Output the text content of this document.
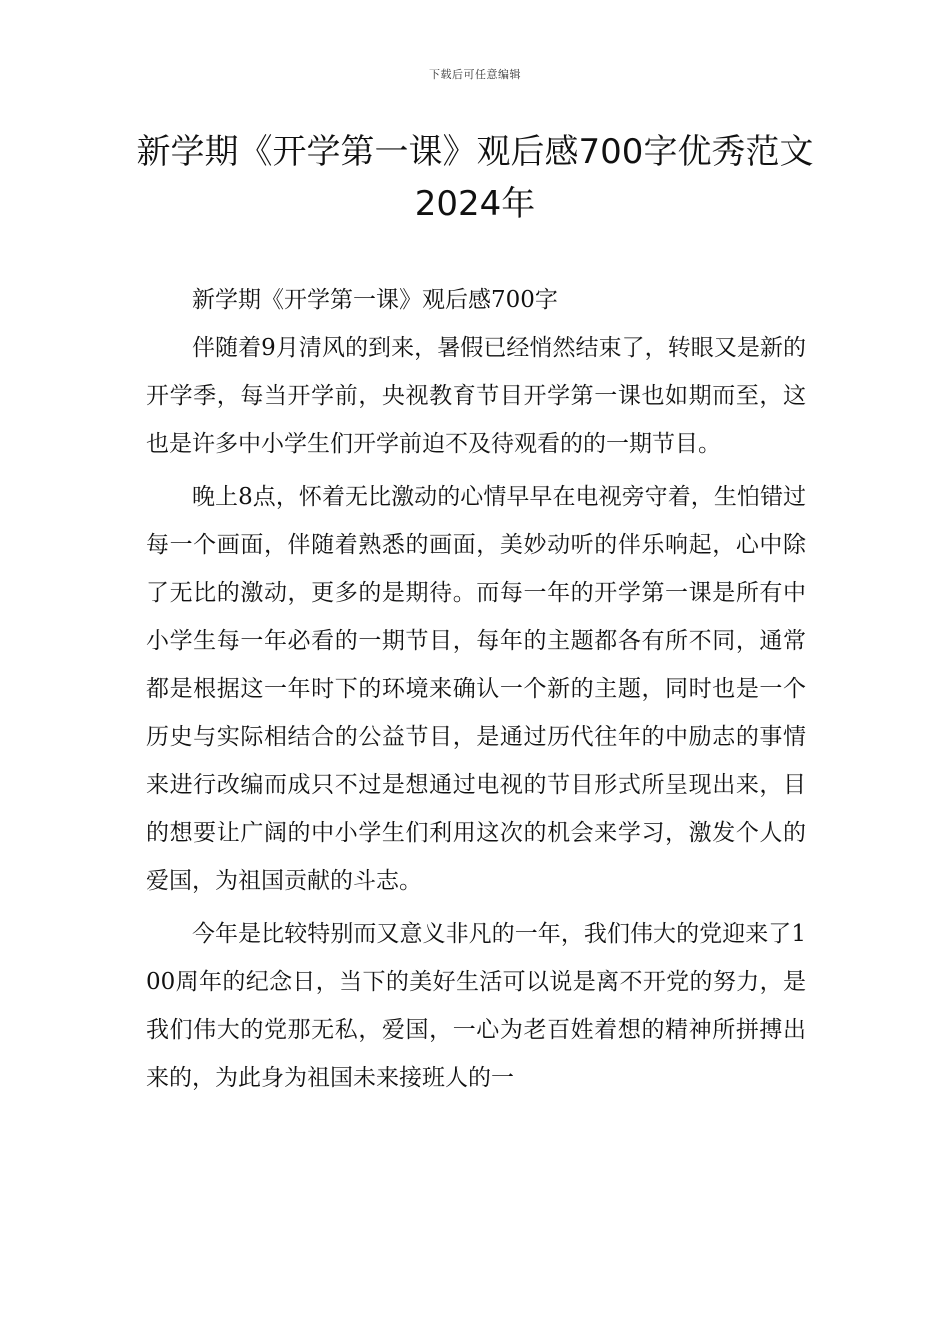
下载后可任意编辑
新学期《开学第一课》观后感700字优秀范文2024年

新学期《开学第一课》观后感700字

伴随着9月清风的到来，暑假已经悄然结束了，转眼又是新的开学季，每当开学前，央视教育节目开学第一课也如期而至，这也是许多中小学生们开学前迫不及待观看的的一期节目。

晚上8点，怀着无比激动的心情早早在电视旁守着，生怕错过每一个画面，伴随着熟悉的画面，美妙动听的伴乐响起，心中除了无比的激动，更多的是期待。而每一年的开学第一课是所有中小学生每一年必看的一期节目，每年的主题都各有所不同，通常都是根据这一年时下的环境来确认一个新的主题，同时也是一个历史与实际相结合的公益节目，是通过历代往年的中励志的事情来进行改编而成只不过是想通过电视的节目形式所呈现出来，目的想要让广阔的中小学生们利用这次的机会来学习，激发个人的爱国，为祖国贡献的斗志。

今年是比较特别而又意义非凡的一年，我们伟大的党迎来了100周年的纪念日，当下的美好生活可以说是离不开党的努力，是我们伟大的党那无私，爱国，一心为老百姓着想的精神所拼搏出来的，为此身为祖国未来接班人的一
